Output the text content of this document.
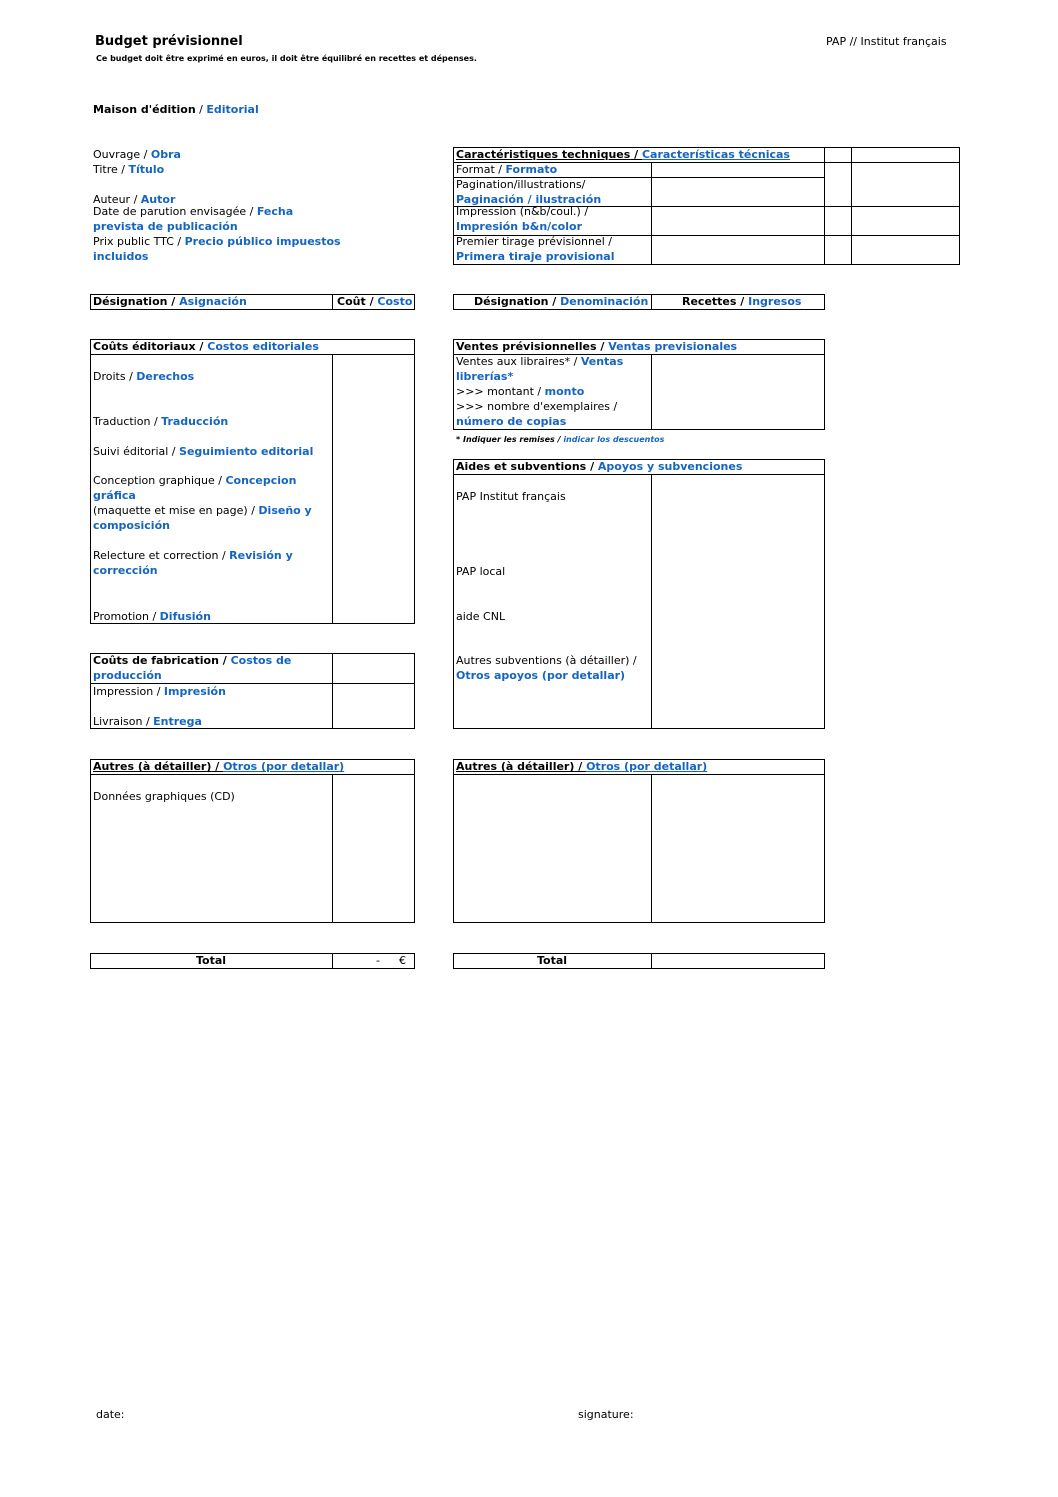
Budget prévisionnel
Ce budget doit être exprimé en euros, il doit être équilibré en recettes et dépenses.
PAP // Institut français
Maison d'édition / Editorial
Ouvrage / Obra
Titre / Título
Auteur / Autor
Date de parution envisagée / Fecha
prevista de publicación
Prix public TTC / Precio público impuestos
incluidos
Caractéristiques techniques / Características técnicas
Format / Formato
Pagination/illustrations/
Paginación / ilustración
Impression (n&b/coul.) /
Impresión b&n/color
Premier tirage prévisionnel /
Primera tiraje provisional
Désignation / Asignación	Coût / Costo	Désignation / Denominación	Recettes / Ingresos
Coûts éditoriaux / Costos editoriales
Droits / Derechos
Traduction / Traducción
Suivi éditorial / Seguimiento editorial
Conception graphique / Concepcion
gráfica
(maquette et mise en page) / Diseño y
composición
Relecture et correction / Revisión y
corrección
Promotion / Difusión
Ventes prévisionnelles / Ventas previsionales
Ventes aux libraires* / Ventas
librerías*
>>> montant / monto
>>> nombre d'exemplaires /
número de copias
* Indiquer les remises / indicar los descuentos
Aides et subventions / Apoyos y subvenciones
PAP Institut français
PAP local
aide CNL
Autres subventions (à détailler) /
Otros apoyos (por detallar)
Coûts de fabrication / Costos de
producción
Impression / Impresión
Livraison / Entrega
Autres (à détailler) / Otros (por detallar)
Données graphiques (CD)
Autres (à détailler) / Otros (por detallar)
Total	- €	Total
date:	signature:
